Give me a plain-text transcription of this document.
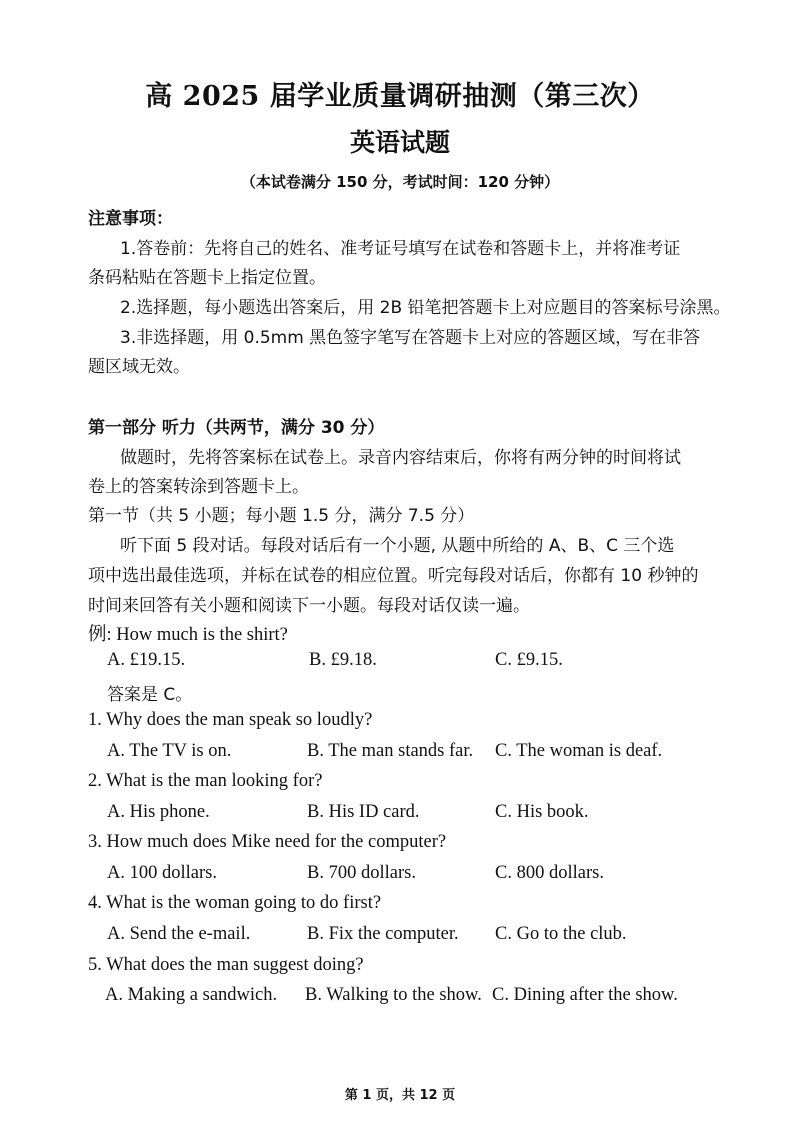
高 2025 届学业质量调研抽测（第三次）
英语试题
（本试卷满分 150 分，考试时间：120 分钟）
注意事项：
1.答卷前：先将自己的姓名、准考证号填写在试卷和答题卡上，并将准考证
条码粘贴在答题卡上指定位置。
2.选择题，每小题选出答案后，用 2B 铅笔把答题卡上对应题目的答案标号涂黑。
3.非选择题，用 0.5mm 黑色签字笔写在答题卡上对应的答题区域，写在非答
题区域无效。
第一部分 听力（共两节，满分 30 分）
做题时，先将答案标在试卷上。录音内容结束后，你将有两分钟的时间将试
卷上的答案转涂到答题卡上。
第一节（共 5 小题；每小题 1.5 分，满分 7.5 分）
听下面 5 段对话。每段对话后有一个小题, 从题中所给的 A、B、C 三个选
项中选出最佳选项，并标在试卷的相应位置。听完每段对话后，你都有 10 秒钟的
时间来回答有关小题和阅读下一小题。每段对话仅读一遍。
例: How much is the shirt?
A. £19.15.	B. £9.18.	C. £9.15.
答案是 C。
1. Why does the man speak so loudly?
A. The TV is on.	B. The man stands far. C. The woman is deaf.
2. What is the man looking for?
A. His phone.	B. His ID card.	C. His book.
3. How much does Mike need for the computer?
A. 100 dollars.	B. 700 dollars.	C. 800 dollars.
4. What is the woman going to do first?
A. Send the e-mail.	B. Fix the computer. C. Go to the club.
5. What does the man suggest doing?
A. Making a sandwich. B. Walking to the show. C. Dining after the show.
第 1 页，共 12 页
